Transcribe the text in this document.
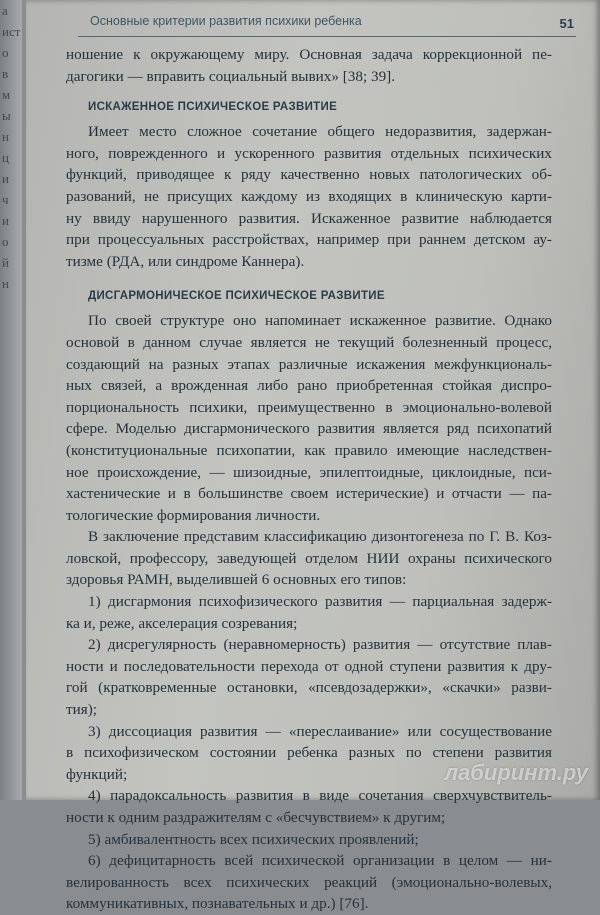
а
ист
о
в
м
ы
н
ц
и
ч
и
о
й
н
Основные критерии развития психики ребенка	51
ношение к окружающему миру. Основная задача коррекционной пе-
дагогики — вправить социальный вывих» [38; 39].
ИСКАЖЕННОЕ ПСИХИЧЕСКОЕ РАЗВИТИЕ
Имеет место сложное сочетание общего недоразвития, задержан-
ного, поврежденного и ускоренного развития отдельных психических
функций, приводящее к ряду качественно новых патологических об-
разований, не присущих каждому из входящих в клиническую карти-
ну ввиду нарушенного развития. Искаженное развитие наблюдается
при процессуальных расстройствах, например при раннем детском ау-
тизме (РДА, или синдроме Каннера).
ДИСГАРМОНИЧЕСКОЕ ПСИХИЧЕСКОЕ РАЗВИТИЕ
По своей структуре оно напоминает искаженное развитие. Однако
основой в данном случае является не текущий болезненный процесс,
создающий на разных этапах различные искажения межфункциональ-
ных связей, а врожденная либо рано приобретенная стойкая диспро-
порциональность психики, преимущественно в эмоционально-волевой
сфере. Моделью дисгармонического развития является ряд психопатий
(конституциональные психопатии, как правило имеющие наследствен-
ное происхождение, — шизоидные, эпилептоидные, циклоидные, пси-
хастенические и в большинстве своем истерические) и отчасти — па-
тологические формирования личности.
В заключение представим классификацию дизонтогенеза по Г. В. Коз-
ловской, профессору, заведующей отделом НИИ охраны психического
здоровья РАМН, выделившей 6 основных его типов:
1) дисгармония психофизического развития — парциальная задерж-
ка и, реже, акселерация созревания;
2) дисрегулярность (неравномерность) развития — отсутствие плав-
ности и последовательности перехода от одной ступени развития к дру-
гой (кратковременные остановки, «псевдозадержки», «скачки» разви-
тия);
3) диссоциация развития — «переслаивание» или сосуществование
в психофизическом состоянии ребенка разных по степени развития
функций;
4) парадоксальность развития в виде сочетания сверхчувствитель-
ности к одним раздражителям с «бесчувствием» к другим;
5) амбивалентность всех психических проявлений;
6) дефицитарность всей психической организации в целом — ни-
велированность всех психических реакций (эмоционально-волевых,
коммуникативных, познавательных и др.) [76].
лабиринт.ру
